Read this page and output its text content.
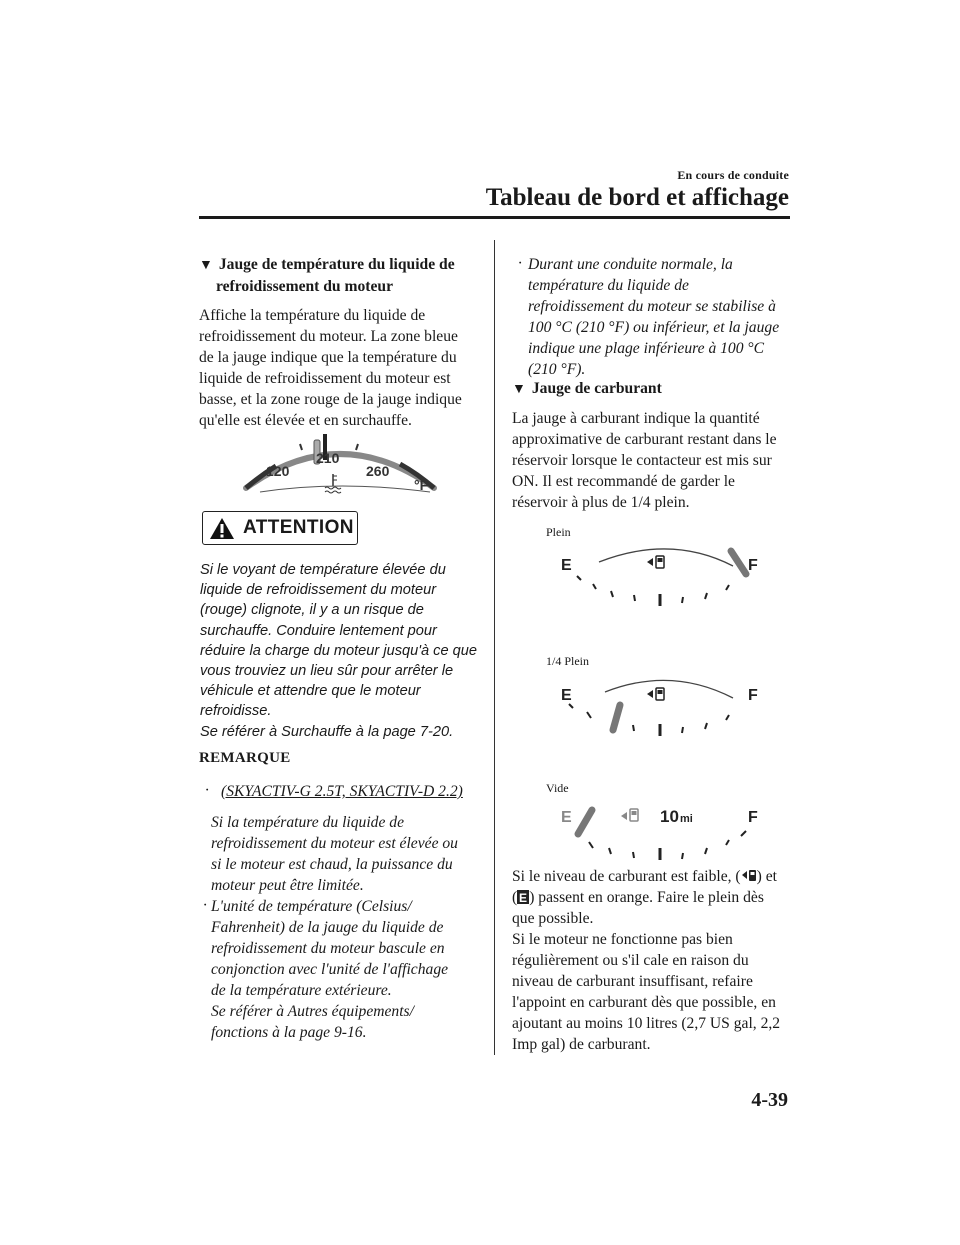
En cours de conduite
Tableau de bord et affichage
▼ Jauge de température du liquide de
refroidissement du moteur
Affiche la température du liquide de
refroidissement du moteur. La zone bleue
de la jauge indique que la température du
liquide de refroidissement du moteur est
basse, et la zone rouge de la jauge indique
qu'elle est élevée et en surchauffe.
120
210
260
°F
ATTENTION
Si le voyant de température élevée du
liquide de refroidissement du moteur
(rouge) clignote, il y a un risque de
surchauffe. Conduire lentement pour
réduire la charge du moteur jusqu'à ce que
vous trouviez un lieu sûr pour arrêter le
véhicule et attendre que le moteur
refroidisse.
Se référer à Surchauffe à la page 7-20.
REMARQUE
· (SKYACTIV-G 2.5T, SKYACTIV-D 2.2)
Si la température du liquide de
refroidissement du moteur est élevée ou
si le moteur est chaud, la puissance du
moteur peut être limitée.
· L'unité de température (Celsius/
Fahrenheit) de la jauge du liquide de
refroidissement du moteur bascule en
conjonction avec l'unité de l'affichage
de la température extérieure.
Se référer à Autres équipements/
fonctions à la page 9-16.
· Durant une conduite normale, la
température du liquide de
refroidissement du moteur se stabilise à
100 °C (210 °F) ou inférieur, et la jauge
indique une plage inférieure à 100 °C
(210 °F).
▼ Jauge de carburant
La jauge à carburant indique la quantité
approximative de carburant restant dans le
réservoir lorsque le contacteur est mis sur
ON. Il est recommandé de garder le
réservoir à plus de 1/4 plein.
Plein
1/4 Plein
Vide
E	F
E	F
E	F
10 mi
Si le niveau de carburant est faible, ( ) et
( E ) passent en orange. Faire le plein dès
que possible.
Si le moteur ne fonctionne pas bien
régulièrement ou s'il cale en raison du
niveau de carburant insuffisant, refaire
l'appoint en carburant dès que possible, en
ajoutant au moins 10 litres (2,7 US gal, 2,2
Imp gal) de carburant.
4-39
